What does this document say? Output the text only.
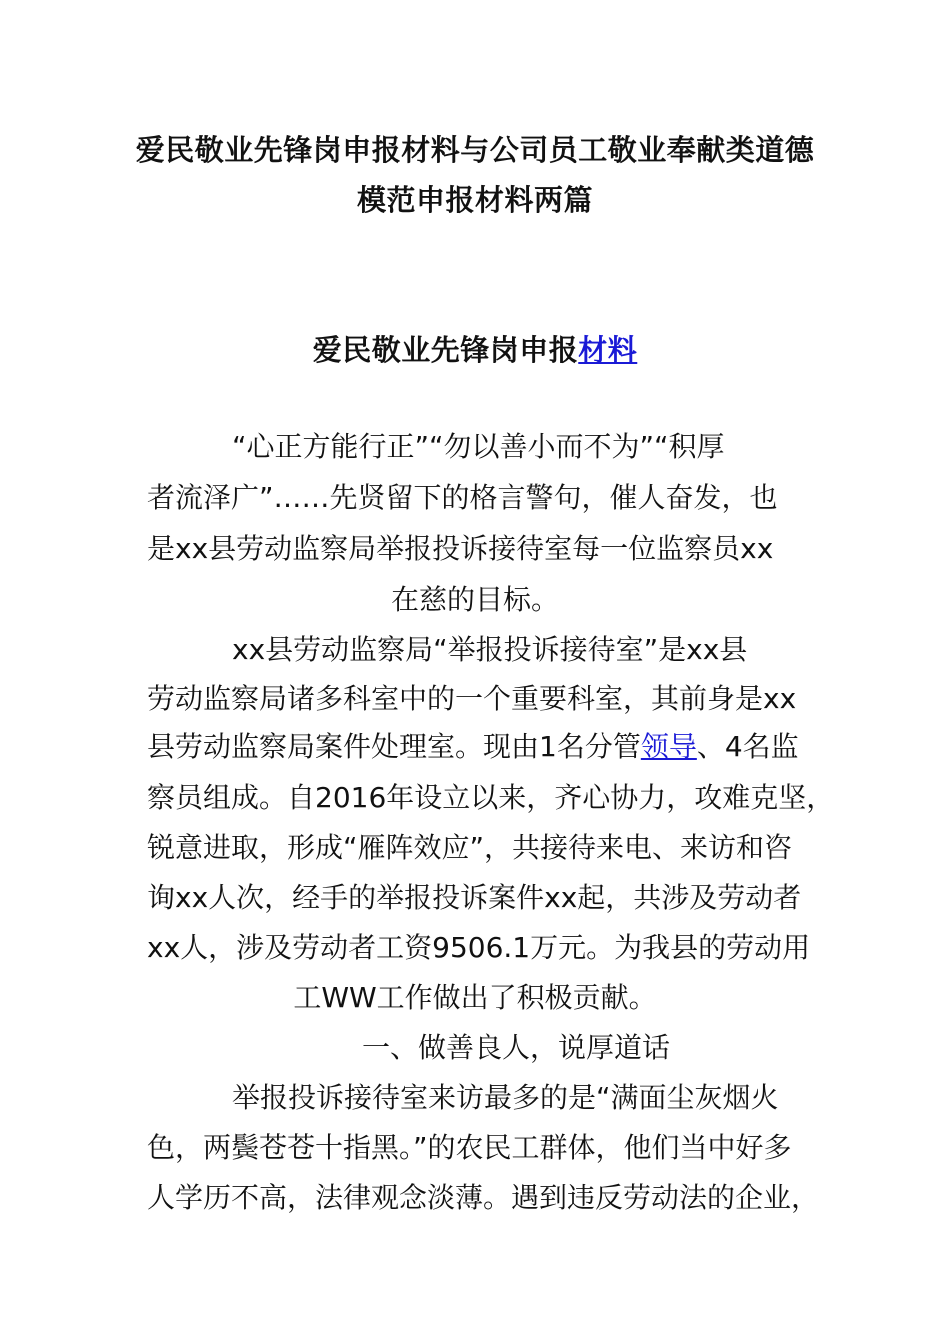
爱民敬业先锋岗申报材料与公司员工敬业奉献类道德

模范申报材料两篇

爱民敬业先锋岗申报材料

“心正方能行正”“勿以善小而不为”“积厚

者流泽广”……先贤留下的格言警句，催人奋发，也

是xx县劳动监察局举报投诉接待室每一位监察员xx

在慈的目标。

xx县劳动监察局“举报投诉接待室”是xx县

劳动监察局诸多科室中的一个重要科室，其前身是xx

县劳动监察局案件处理室。现由1名分管领导、4名监

察员组成。自2016年设立以来，齐心协力，攻难克坚，

锐意进取，形成“雁阵效应”，共接待来电、来访和咨

询xx人次，经手的举报投诉案件xx起，共涉及劳动者

xx人，涉及劳动者工资9506.1万元。为我县的劳动用

工WW工作做出了积极贡献。

一、做善良人，说厚道话

举报投诉接待室来访最多的是“满面尘灰烟火

色，两鬓苍苍十指黑。”的农民工群体，他们当中好多

人学历不高，法律观念淡薄。遇到违反劳动法的企业，
